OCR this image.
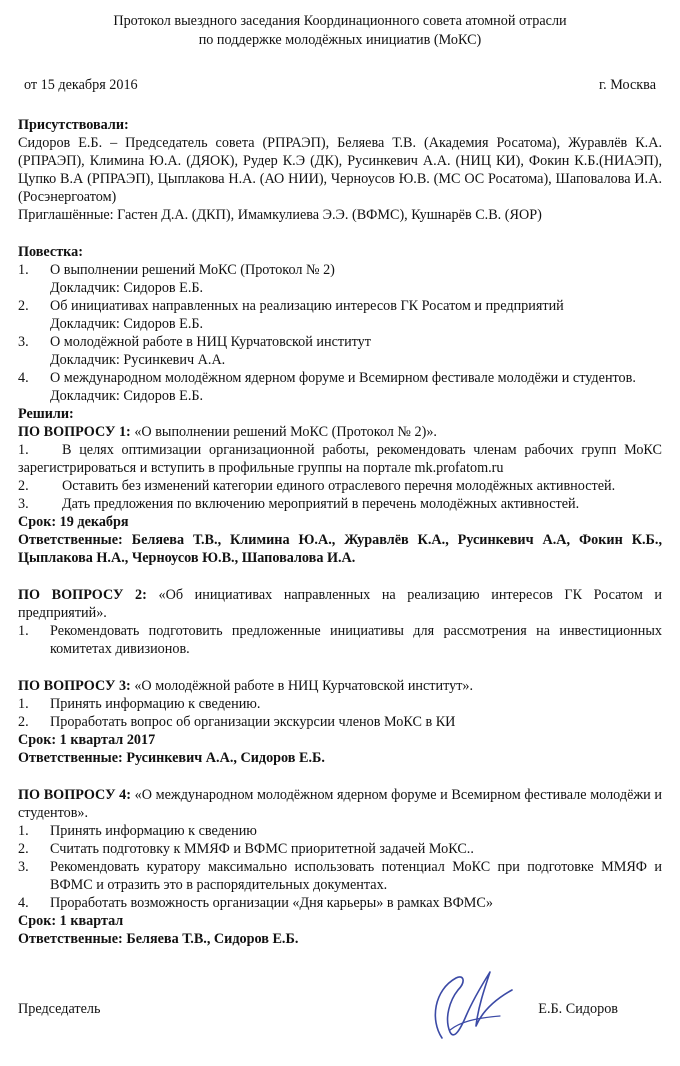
Протокол выездного заседания Координационного совета атомной отрасли
по поддержке молодёжных инициатив (МоКС)
от 15 декабря 2016	г. Москва
Присутствовали:
Сидоров Е.Б. – Председатель совета (РПРАЭП), Беляева Т.В. (Академия Росатома), Журавлёв К.А. (РПРАЭП), Климина Ю.А. (ДЯОК), Рудер К.Э (ДК), Русинкевич А.А. (НИЦ КИ), Фокин К.Б.(НИАЭП), Цупко В.А (РПРАЭП), Цыплакова Н.А. (АО НИИ), Черноусов Ю.В. (МС ОС Росатома), Шаповалова И.А. (Росэнергоатом)
Приглашённые: Гастен Д.А. (ДКП), Имамкулиева Э.Э. (ВФМС), Кушнарёв С.В. (ЯОР)
Повестка:
1.	О выполнении решений МоКС (Протокол № 2)
Докладчик: Сидоров Е.Б.
2.	Об инициативах направленных на реализацию интересов ГК Росатом и предприятий
Докладчик: Сидоров Е.Б.
3.	О молодёжной работе в НИЦ Курчатовской институт
Докладчик: Русинкевич А.А.
4.	О международном молодёжном ядерном форуме и Всемирном фестивале молодёжи и студентов.
Докладчик: Сидоров Е.Б.
Решили:
ПО ВОПРОСУ 1: «О выполнении решений МоКС (Протокол № 2)».
1. В целях оптимизации организационной работы, рекомендовать членам рабочих групп МоКС зарегистрироваться и вступить в профильные группы на портале mk.profatom.ru
2. Оставить без изменений категории единого отраслевого перечня молодёжных активностей.
3. Дать предложения по включению мероприятий в перечень молодёжных активностей.
Срок: 19 декабря
Ответственные: Беляева Т.В., Климина Ю.А., Журавлёв К.А., Русинкевич А.А, Фокин К.Б., Цыплакова Н.А., Черноусов Ю.В., Шаповалова И.А.
ПО ВОПРОСУ 2: «Об инициативах направленных на реализацию интересов ГК Росатом и предприятий».
1.	Рекомендовать подготовить предложенные инициативы для рассмотрения на инвестиционных комитетах дивизионов.
ПО ВОПРОСУ 3: «О молодёжной работе в НИЦ Курчатовской институт».
1.	Принять информацию к сведению.
2.	Проработать вопрос об организации экскурсии членов МоКС в КИ
Срок: 1 квартал 2017
Ответственные: Русинкевич А.А., Сидоров Е.Б.
ПО ВОПРОСУ 4: «О международном молодёжном ядерном форуме и Всемирном фестивале молодёжи и студентов».
1.	Принять информацию к сведению
2.	Считать подготовку к ММЯФ и ВФМС приоритетной задачей МоКС..
3.	Рекомендовать куратору максимально использовать потенциал МоКС при подготовке ММЯФ и ВФМС и отразить это в распорядительных документах.
4.	Проработать возможность организации «Дня карьеры» в рамках ВФМС»
Срок: 1 квартал
Ответственные: Беляева Т.В., Сидоров Е.Б.
Председатель	Е.Б. Сидоров
